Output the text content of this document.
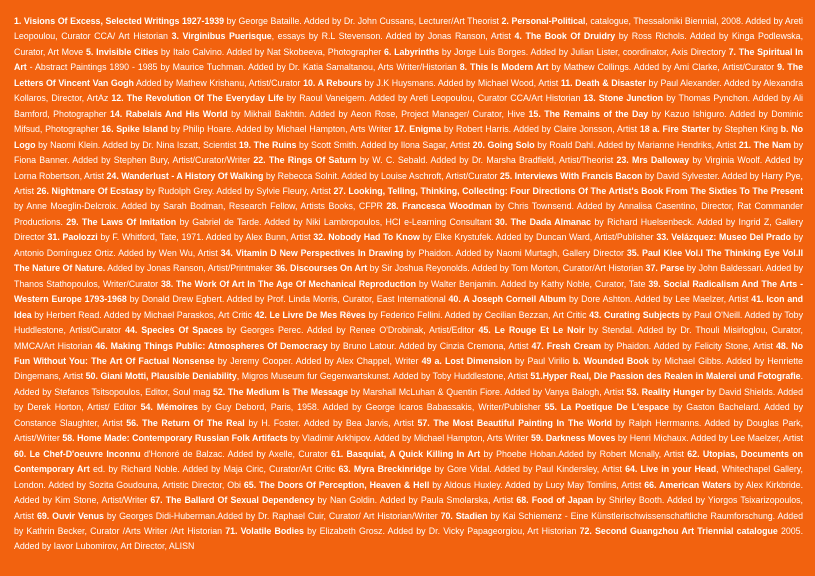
1. Visions Of Excess, Selected Writings 1927-1939 by George Bataille. Added by Dr. John Cussans, Lecturer/Art Theorist 2. Personal-Political, catalogue, Thessaloniki Biennial, 2008. Added by Areti Leopoulou, Curator CCA/ Art Historian 3. Virginibus Puerisque, essays by R.L Stevenson. Added by Jonas Ranson, Artist 4. The Book Of Druidry by Ross Richols. Added by Kinga Podlewska, Curator, Art Move 5. Invisible Cities by Italo Calvino. Added by Nat Skobeeva, Photographer 6. Labyrinths by Jorge Luis Borges. Added by Julian Lister, coordinator, Axis Directory 7. The Spiritual In Art - Abstract Paintings 1890 - 1985 by Maurice Tuchman. Added by Dr. Katia Samaltanou, Arts Writer/Historian 8. This Is Modern Art by Mathew Collings. Added by Ami Clarke, Artist/Curator 9. The Letters Of Vincent Van Gogh Added by Mathew Krishanu, Artist/Curator 10. A Rebours by J.K Huysmans. Added by Michael Wood, Artist 11. Death & Disaster by Paul Alexander. Added by Alexandra Kollaros, Director, ArtAz 12. The Revolution Of The Everyday Life by Raoul Vaneigem. Added by Areti Leopoulou, Curator CCA/Art Historian 13. Stone Junction by Thomas Pynchon. Added by Ali Bamford, Photographer 14. Rabelais And His World by Mikhail Bakhtin. Added by Aeon Rose, Project Manager/ Curator, Hive 15. The Remains of the Day by Kazuo Ishiguro. Added by Dominic Mifsud, Photographer 16. Spike Island by Philip Hoare. Added by Michael Hampton, Arts Writer 17. Enigma by Robert Harris. Added by Claire Jonsson, Artist 18 a. Fire Starter by Stephen King b. No Logo by Naomi Klein. Added by Dr. Nina Iszatt, Scientist 19. The Ruins by Scott Smith. Added by Ilona Sagar, Artist 20. Going Solo by Roald Dahl. Added by Marianne Hendriks, Artist 21. The Nam by Fiona Banner. Added by Stephen Bury, Artist/Curator/Writer 22. The Rings Of Saturn by W. C. Sebald. Added by Dr. Marsha Bradfield, Artist/Theorist 23. Mrs Dalloway by Virginia Woolf. Added by Lorna Robertson, Artist 24. Wanderlust - A History Of Walking by Rebecca Solnit. Added by Louise Aschroft, Artist/Curator 25. Interviews With Francis Bacon by David Sylvester. Added by Harry Pye, Artist 26. Nightmare Of Ecstasy by Rudolph Grey. Added by Sylvie Fleury, Artist 27. Looking, Telling, Thinking, Collecting: Four Directions Of The Artist's Book From The Sixties To The Present by Anne Moeglin-Delcroix. Added by Sarah Bodman, Research Fellow, Artists Books, CFPR 28. Francesca Woodman by Chris Townsend. Added by Annalisa Casentino, Director, Rat Commander Productions. 29. The Laws Of Imitation by Gabriel de Tarde. Added by Niki Lambropoulos, HCI e-Learning Consultant 30. The Dada Almanac by Richard Huelsenbeck. Added by Ingrid Z, Gallery Director 31. Paolozzi by F. Whitford, Tate, 1971. Added by Alex Bunn, Artist 32. Nobody Had To Know by Elke Krystufek. Added by Duncan Ward, Artist/Publisher 33. Velázquez: Museo Del Prado by Antonio Domínguez Ortiz. Added by Wen Wu, Artist 34. Vitamin D New Perspectives In Drawing by Phaidon. Added by Naomi Murtagh, Gallery Director 35. Paul Klee Vol.I The Thinking Eye Vol.II The Nature Of Nature. Added by Jonas Ranson, Artist/Printmaker 36. Discourses On Art by Sir Joshua Reyonolds. Added by Tom Morton, Curator/Art Historian 37. Parse by John Baldessari. Added by Thanos Stathopoulos, Writer/Curator 38. The Work Of Art In The Age Of Mechanical Reproduction by Walter Benjamin. Added by Kathy Noble, Curator, Tate 39. Social Radicalism And The Arts - Western Europe 1793-1968 by Donald Drew Egbert. Added by Prof. Linda Morris, Curator, East International 40. A Joseph Corneil Album by Dore Ashton. Added by Lee Maelzer, Artist 41. Icon and Idea by Herbert Read. Added by Michael Paraskos, Art Critic 42. Le Livre De Mes Rêves by Federico Fellini. Added by Cecilian Bezzan, Art Critic 43. Curating Subjects by Paul O'Neill. Added by Toby Huddlestone, Artist/Curator 44. Species Of Spaces by Georges Perec. Added by Renee O'Drobinak, Artist/Editor 45. Le Rouge Et Le Noir by Stendal. Added by Dr. Thouli Misirloglou, Curator, MMCA/Art Historian 46. Making Things Public: Atmospheres Of Democracy by Bruno Latour. Added by Cinzia Cremona, Artist 47. Fresh Cream by Phaidon. Added by Felicity Stone, Artist 48. No Fun Without You: The Art Of Factual Nonsense by Jeremy Cooper. Added by Alex Chappel, Writer 49 a. Lost Dimension by Paul Virilio b. Wounded Book by Michael Gibbs. Added by Henriette Dingemans, Artist 50. Giani Motti, Plausible Deniability, Migros Museum fur Gegenwartskunst. Added by Toby Huddlestone, Artist 51.Hyper Real, Die Passion des Realen in Malerei und Fotografie. Added by Stefanos Tsitsopoulos, Editor, Soul mag 52. The Medium Is The Message by Marshall McLuhan & Quentin Fiore. Added by Vanya Balogh, Artist 53. Reality Hunger by David Shields. Added by Derek Horton, Artist/ Editor 54. Mémoires by Guy Debord, Paris, 1958. Added by George Icaros Babassakis, Writer/Publisher 55. La Poetique De L'espace by Gaston Bachelard. Added by Constance Slaughter, Artist 56. The Return Of The Real by H. Foster. Added by Bea Jarvis, Artist 57. The Most Beautiful Painting In The World by Ralph Herrmanns. Added by Douglas Park, Artist/Writer 58. Home Made: Contemporary Russian Folk Artifacts by Vladimir Arkhipov. Added by Michael Hampton, Arts Writer 59. Darkness Moves by Henri Michaux. Added by Lee Maelzer, Artist 60. Le Chef-D'oeuvre Inconnu d'Honoré de Balzac. Added by Axelle, Curator 61. Basquiat, A Quick Killing In Art by Phoebe Hoban.Added by Robert Mcnally, Artist 62. Utopias, Documents on Contemporary Art ed. by Richard Noble. Added by Maja Ciric, Curator/Art Critic 63. Myra Breckinridge by Gore Vidal. Added by Paul Kindersley, Artist 64. Live in your Head, Whitechapel Gallery, London. Added by Sozita Goudouna, Artistic Director, Obi 65. The Doors Of Perception, Heaven & Hell by Aldous Huxley. Added by Lucy May Tomlins, Artist 66. American Waters by Alex Kirkbride. Added by Kim Stone, Artist/Writer 67. The Ballard Of Sexual Dependency by Nan Goldin. Added by Paula Smolarska, Artist 68. Food of Japan by Shirley Booth. Added by Yiorgos Tsixarizopoulos, Artist 69. Ouvir Venus by Georges Didi-Huberman.Added by Dr. Raphael Cuir, Curator/ Art Historian/Writer 70. Stadien by Kai Schiemenz - Eine Künstlerischwissenschaftliche Raumforschung. Added by Kathrin Becker, Curator /Arts Writer /Art Historian 71. Volatile Bodies by Elizabeth Grosz. Added by Dr. Vicky Papageorgiou, Art Historian 72. Second Guangzhou Art Triennial catalogue 2005. Added by Iavor Lubomirov, Art Director, ALISN
